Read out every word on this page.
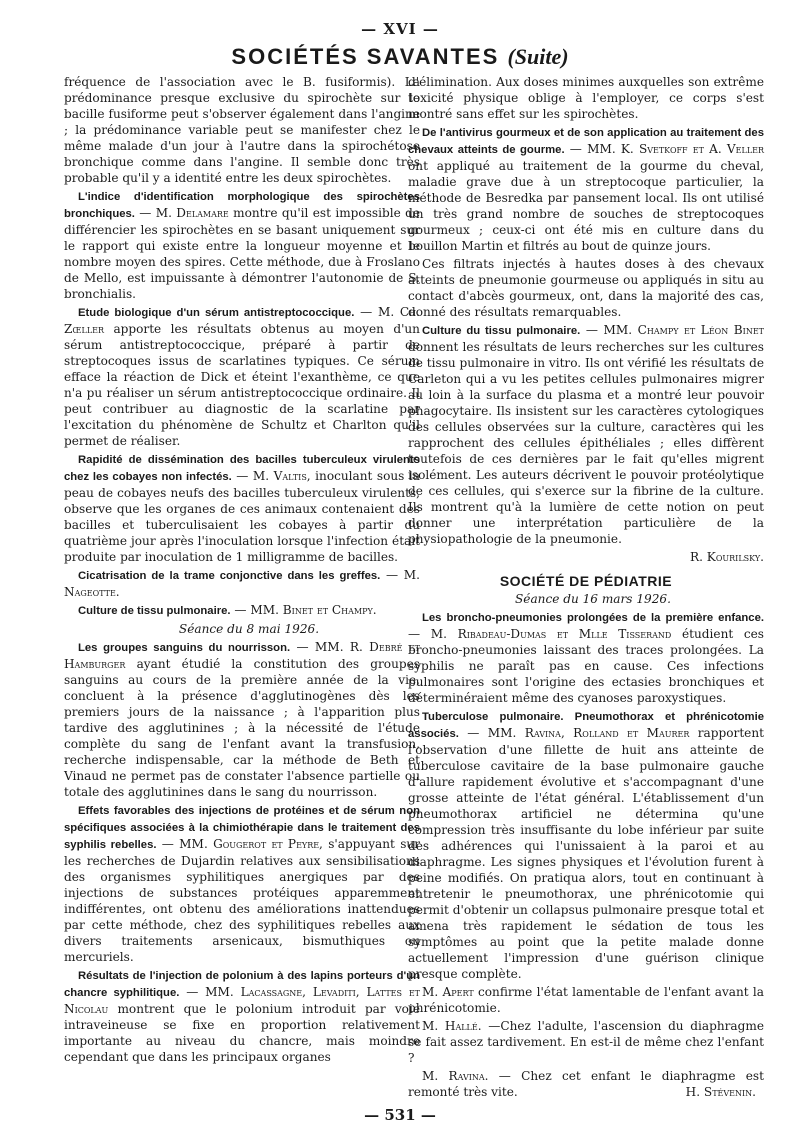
— XVI —
SOCIÉTÉS SAVANTES (Suite)

fréquence de l'association avec le B. fusiformis). La prédominance presque exclusive du spirochète sur le bacille fusiforme peut s'observer également dans l'angine ; la prédominance variable peut se manifester chez le même malade d'un jour à l'autre dans la spirochétose bronchique comme dans l'angine. Il semble donc très probable qu'il y a identité entre les deux spirochètes.

L'indice d'identification morphologique des spirochètes bronchiques. — M. Delamare montre qu'il est impossible de différencier les spirochètes en se basant uniquement sur le rapport qui existe entre la longueur moyenne et le nombre moyen des spires. Cette méthode, due à Froslano de Mello, est impuissante à démontrer l'autonomie de S. bronchialis.

Etude biologique d'un sérum antistreptococcique. — M. Ch. Zœller apporte les résultats obtenus au moyen d'un sérum antistreptococcique, préparé à partir de streptocoques issus de scarlatines typiques. Ce sérum efface la réaction de Dick et éteint l'exanthème, ce que n'a pu réaliser un sérum antistreptococcique ordinaire. Il peut contribuer au diagnostic de la scarlatine par l'excitation du phénomène de Schultz et Charlton qu'il permet de réaliser.

Rapidité de dissémination des bacilles tuberculeux virulents chez les cobayes non infectés. — M. Valtis, inoculant sous la peau de cobayes neufs des bacilles tuberculeux virulents, observe que les organes de ces animaux contenaient des bacilles et tuberculisaient les cobayes à partir du quatrième jour après l'inoculation lorsque l'infection était produite par inoculation de 1 milligramme de bacilles.

Cicatrisation de la trame conjonctive dans les greffes. — M. Nageotte.

Culture de tissu pulmonaire. — MM. Binet et Champy.

Séance du 8 mai 1926.

Les groupes sanguins du nourrisson. — MM. R. Debré et Hamburger ayant étudié la constitution des groupes sanguins au cours de la première année de la vie, concluent à la présence d'agglutinogènes dès les premiers jours de la naissance ; à l'apparition plus tardive des agglutinines ; à la nécessité de l'étude complète du sang de l'enfant avant la transfusion, recherche indispensable, car la méthode de Beth et Vinaud ne permet pas de constater l'absence partielle ou totale des agglutinines dans le sang du nourrisson.

Effets favorables des injections de protéines et de sérum non spécifiques associées à la chimiothérapie dans le traitement des syphilis rebelles. — MM. Gougerot et Peyre, s'appuyant sur les recherches de Dujardin relatives aux sensibilisations des organismes syphilitiques anergiques par des injections de substances protéiques apparemment indifférentes, ont obtenu des améliorations inattendues par cette méthode, chez des syphilitiques rebelles aux divers traitements arsenicaux, bismuthiques ou mercuriels.

Résultats de l'injection de polonium à des lapins porteurs d'un chancre syphilitique. — MM. Lacassagne, Levaditi, Lattes et Nicolau montrent que le polonium introduit par voie intraveineuse se fixe en proportion relativement importante au niveau du chancre, mais moindre cependant que dans les principaux organes

d'élimination. Aux doses minimes auxquelles son extrême toxicité physique oblige à l'employer, ce corps s'est montré sans effet sur les spirochètes.

De l'antivirus gourmeux et de son application au traitement des chevaux atteints de gourme. — MM. K. Svetkoff et A. Veller ont appliqué au traitement de la gourme du cheval, maladie grave due à un streptocoque particulier, la méthode de Besredka par pansement local. Ils ont utilisé un très grand nombre de souches de streptocoques gourmeux ; ceux-ci ont été mis en culture dans du bouillon Martin et filtrés au bout de quinze jours.

Ces filtrats injectés à hautes doses à des chevaux atteints de pneumonie gourmeuse ou appliqués in situ au contact d'abcès gourmeux, ont, dans la majorité des cas, donné des résultats remarquables.

Culture du tissu pulmonaire. — MM. Champy et Léon Binet donnent les résultats de leurs recherches sur les cultures de tissu pulmonaire in vitro. Ils ont vérifié les résultats de Carleton qui a vu les petites cellules pulmonaires migrer au loin à la surface du plasma et a montré leur pouvoir phagocytaire. Ils insistent sur les caractères cytologiques des cellules observées sur la culture, caractères qui les rapprochent des cellules épithéliales ; elles diffèrent toutefois de ces dernières par le fait qu'elles migrent isolément. Les auteurs décrivent le pouvoir protéolytique de ces cellules, qui s'exerce sur la fibrine de la culture. Ils montrent qu'à la lumière de cette notion on peut donner une interprétation particulière de la physiopathologie de la pneumonie.

R. Kourilsky.

SOCIÉTÉ DE PÉDIATRIE

Séance du 16 mars 1926.

Les broncho-pneumonies prolongées de la première enfance. — M. Ribadeau-Dumas et Mlle Tisserand étudient ces broncho-pneumonies laissant des traces prolongées. La syphilis ne paraît pas en cause. Ces infections pulmonaires sont l'origine des ectasies bronchiques et déterminéraient même des cyanoses paroxystiques.

Tuberculose pulmonaire. Pneumothorax et phrénicotomie associés. — MM. Ravina, Rolland et Maurer rapportent l'observation d'une fillette de huit ans atteinte de tuberculose cavitaire de la base pulmonaire gauche d'allure rapidement évolutive et s'accompagnant d'une grosse atteinte de l'état général. L'établissement d'un pneumothorax artificiel ne détermina qu'une compression très insuffisante du lobe inférieur par suite des adhérences qui l'unissaient à la paroi et au diaphragme. Les signes physiques et l'évolution furent à peine modifiés. On pratiqua alors, tout en continuant à entretenir le pneumothorax, une phrénicotomie qui permit d'obtenir un collapsus pulmonaire presque total et amena très rapidement le sédation de tous les symptômes au point que la petite malade donne actuellement l'impression d'une guérison clinique presque complète.

M. Apert confirme l'état lamentable de l'enfant avant la phrénicotomie.

M. Hallé. —Chez l'adulte, l'ascension du diaphragme se fait assez tardivement. En est-il de même chez l'enfant ?

M. Ravina. — Chez cet enfant le diaphragme est remonté très vite.	H. Stévenin.

— 531 —
